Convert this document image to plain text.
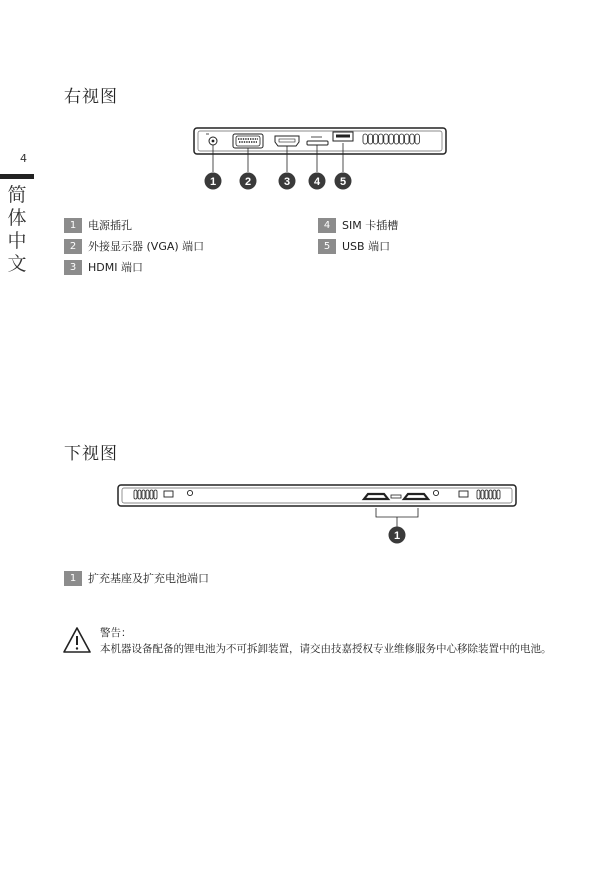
4
简
体
中
文
右视图
1	2	3 4 5
1	电源插孔
2	外接显示器 (VGA) 端口
3	HDMI 端口
4	SIM 卡插槽
5	USB 端口
下视图
1
1	扩充基座及扩充电池端口
警告：
本机器设备配备的锂电池为不可拆卸装置，请交由技嘉授权专业维修服务中心移除装置中的电池。
